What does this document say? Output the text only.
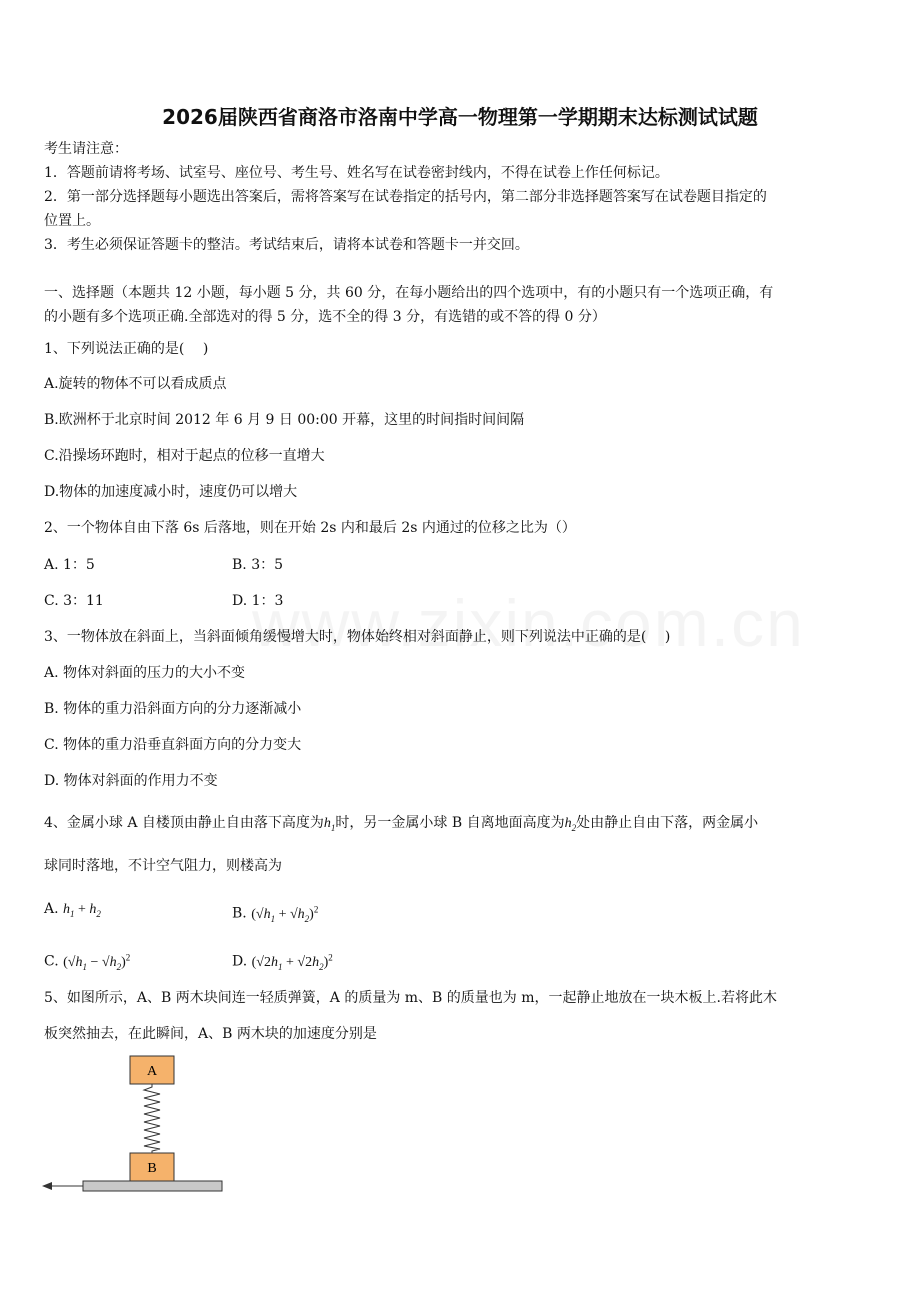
2026届陕西省商洛市洛南中学高一物理第一学期期末达标测试试题
考生请注意：
1．答题前请将考场、试室号、座位号、考生号、姓名写在试卷密封线内，不得在试卷上作任何标记。
2．第一部分选择题每小题选出答案后，需将答案写在试卷指定的括号内，第二部分非选择题答案写在试卷题目指定的
位置上。
3．考生必须保证答题卡的整洁。考试结束后，请将本试卷和答题卡一并交回。
一、选择题（本题共 12 小题，每小题 5 分，共 60 分，在每小题给出的四个选项中，有的小题只有一个选项正确，有
的小题有多个选项正确.全部选对的得 5 分，选不全的得 3 分，有选错的或不答的得 0 分）
1、下列说法正确的是(　 )
A.旋转的物体不可以看成质点
B.欧洲杯于北京时间 2012 年 6 月 9 日 00:00 开幕，这里的时间指时间间隔
C.沿操场环跑时，相对于起点的位移一直增大
D.物体的加速度减小时，速度仍可以增大
2、一个物体自由下落 6s 后落地，则在开始 2s 内和最后 2s 内通过的位移之比为（）
A. 1：5	B. 3：5
C. 3：11	D. 1：3
3、一物体放在斜面上，当斜面倾角缓慢增大时，物体始终相对斜面静止，则下列说法中正确的是(　 )
A. 物体对斜面的压力的大小不变
B. 物体的重力沿斜面方向的分力逐渐减小
C. 物体的重力沿垂直斜面方向的分力变大
D. 物体对斜面的作用力不变
4、金属小球 A 自楼顶由静止自由落下高度为$h_1$时，另一金属小球 B 自离地面高度为$h_2$处由静止自由下落，两金属小
球同时落地，不计空气阻力，则楼高为
A. $h_1 + h_2$	B. $(√h_1 + √h_2)^2$
C. $(√h_1 - √h_2)^2$	D. $(√2h_1 + √2h_2)^2$
5、如图所示，A、B 两木块间连一轻质弹簧，A 的质量为 m、B 的质量也为 m，一起静止地放在一块木板上.若将此木
板突然抽去，在此瞬间，A、B 两木块的加速度分别是
A
B
